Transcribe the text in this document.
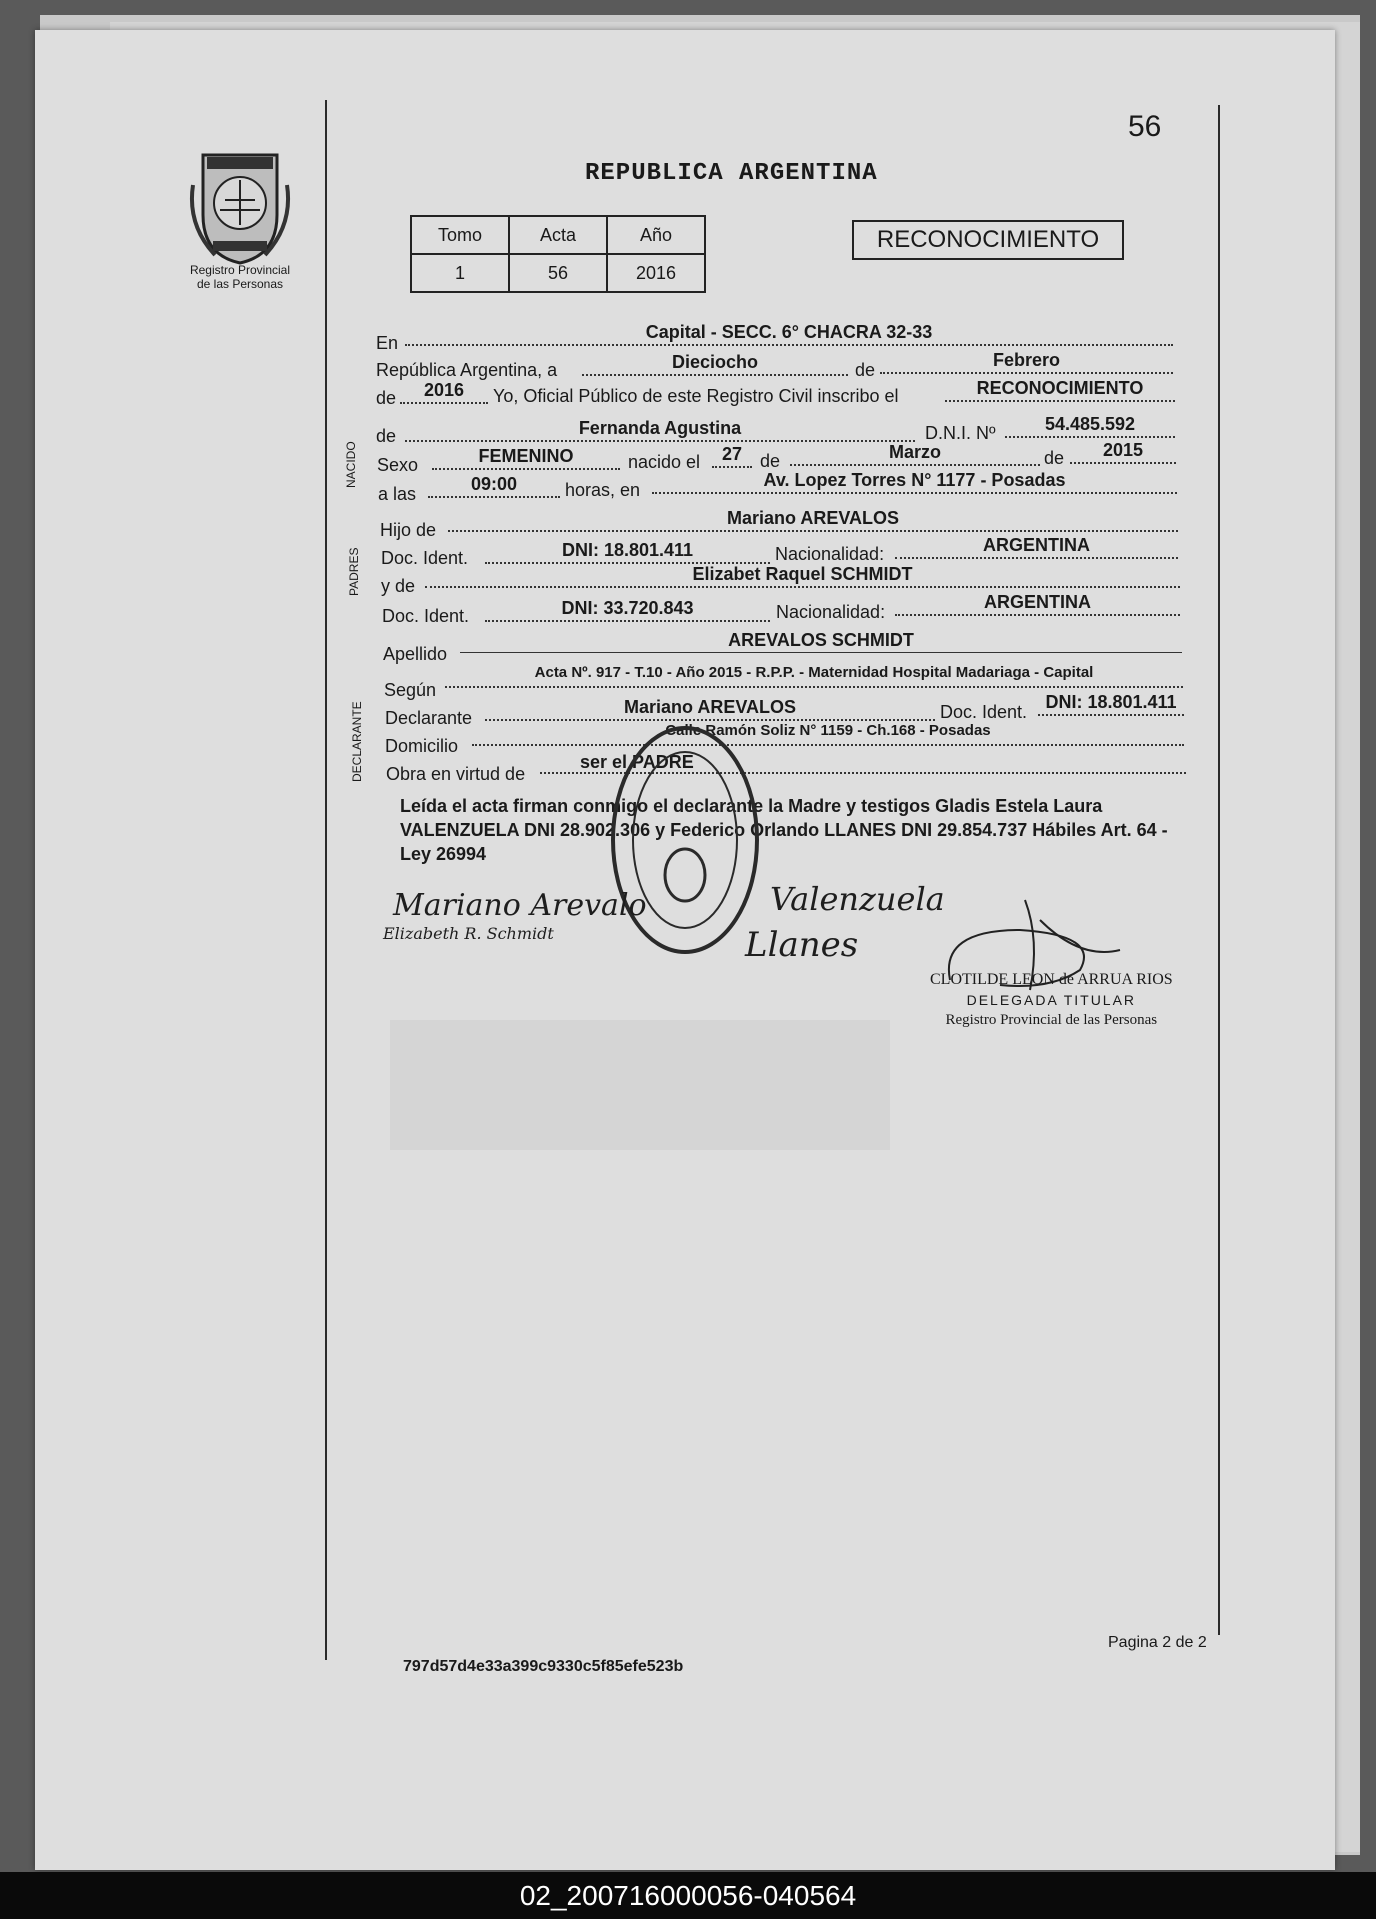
56
Registro Provincial
de las Personas
REPUBLICA ARGENTINA
Tomo	Acta	Año
1	56	2016
RECONOCIMIENTO
En
Capital - SECC. 6° CHACRA 32-33
República Argentina, a	Dieciocho	de	Febrero
de	2016	Yo, Oficial Público de este Registro Civil inscribo el	RECONOCIMIENTO
NACIDO
de	Fernanda Agustina	D.N.I. Nº	54.485.592
Sexo	FEMENINO	nacido el	27 de	Marzo	de	2015
a las	09:00	horas, en	Av. Lopez Torres N° 1177 - Posadas
PADRES
Hijo de
Mariano AREVALOS
Doc. Ident.	DNI: 18.801.411	Nacionalidad:	ARGENTINA
y de
Elizabet Raquel SCHMIDT
Doc. Ident.	DNI: 33.720.843	Nacionalidad:	ARGENTINA
Apellido
AREVALOS SCHMIDT
DECLARANTE
Según
Acta Nº. 917 - T.10 - Año 2015 - R.P.P. - Maternidad Hospital Madariaga - Capital
Declarante
Mariano AREVALOS	Doc. Ident.	DNI: 18.801.411
Domicilio
Calle Ramón Soliz N° 1159 - Ch.168 - Posadas
Obra en virtud de
ser el PADRE
Leída el acta firman conmigo el declarante la Madre y testigos Gladis Estela Laura VALENZUELA DNI 28.902.306 y Federico Orlando LLANES DNI 29.854.737 Hábiles Art. 64 - Ley 26994
Mariano Arevalo
Elizabeth R. Schmidt
Valenzuela
Llanes
CLOTILDE LEON de ARRUA RIOS
DELEGADA TITULAR
Registro Provincial de las Personas
797d57d4e33a399c9330c5f85efe523b
Pagina 2 de 2
02_200716000056-040564
